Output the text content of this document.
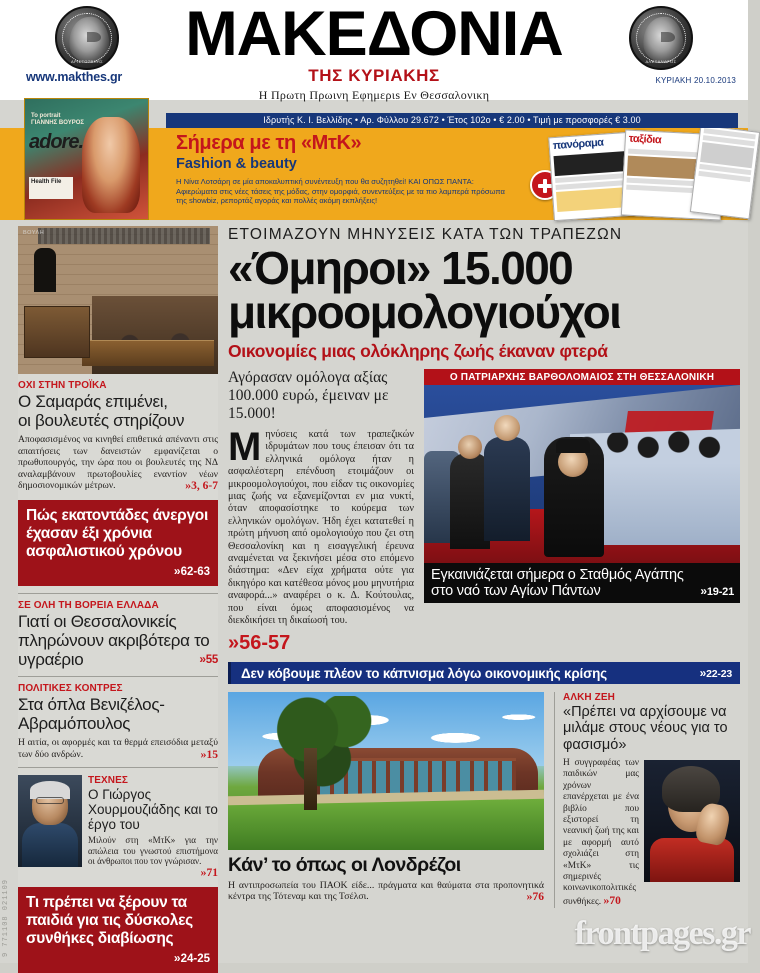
ΑΡΙΣΤΟΤΕΛΗΣ	ΑΛΕΞΑΝΔΡΟΣ
ΜΑΚΕΔΟΝΙΑ
ΤΗΣ ΚΥΡΙΑΚΗΣ
Η Πρωτη Πρωινη Εφημεριs Εν Θεσσαλονικη
www.makthes.gr	ΚΥΡΙΑΚΗ 20.10.2013
Ιδρυτής Κ. Ι. Βελλίδης • Αρ. Φύλλου 29.672 • Έτος 102ο • € 2.00 • Τιμή με προσφορές € 3.00
Το portrait ΓΙΑΝΝΗΣ ΒΟΥΡΟΣ
adore.
Health File
Σήμερα με τη «ΜτΚ»
Fashion & beauty
Η Νίνα Λοτσάρη σε μία αποκαλυπτική συνέντευξη που θα συζητηθεί! ΚΑΙ ΟΠΩΣ ΠΑΝΤΑ: Αφιερώματα στις νέες τάσεις της μόδας, στην ομορφιά, συνεντεύξεις με τα πιο λαμπερά πρόσωπα της showbiz, ρεπορτάζ αγοράς και πολλές ακόμη εκπλήξεις!
πανόραμα	ταξίδια
ΒΟΥΛΗ
ΟΧΙ ΣΤΗΝ ΤΡΟΪΚΑ
Ο Σαμαράς επιμένει,
οι βουλευτές στηρίζουν
Αποφασισμένος να κινηθεί επιθετικά απέναντι στις απαιτήσεις των δανειστών εμφανίζεται ο πρωθυπουργός, την ώρα που οι βουλευτές της ΝΔ αναλαμβάνουν πρωτοβουλίες εναντίον νέων δημοσιονομικών μέτρων.	»3, 6-7
Πώς εκατοντάδες άνεργοι έχασαν έξι χρόνια ασφαλιστικού χρόνου
»62-63
ΣΕ ΟΛΗ ΤΗ ΒΟΡΕΙΑ ΕΛΛΑΔΑ
Γιατί οι Θεσσαλονικείς πληρώνουν ακριβότερα το υγραέριο	»55
ΠΟΛΙΤΙΚΕΣ ΚΟΝΤΡΕΣ
Στα όπλα Βενιζέλος-
Αβραμόπουλος
Η αιτία, οι αφορμές και τα θερμά επεισόδια μεταξύ των δύο ανδρών.	»15
ΤΕΧΝΕΣ
Ο Γιώργος Χουρμουζιάδης και το έργο του
Μιλούν στη «ΜτΚ» για την απώλεια του γνωστού επιστήμονα οι άνθρωποι που τον γνώρισαν.
»71
Τι πρέπει να ξέρουν τα παιδιά για τις δύσκολες συνθήκες διαβίωσης
»24-25
ΕΤΟΙΜΑΖΟΥΝ ΜΗΝΥΣΕΙΣ ΚΑΤΑ ΤΩΝ ΤΡΑΠΕΖΩΝ
«Όμηροι» 15.000
μικροομολογιούχοι
Οικονομίες μιας ολόκληρης ζωής έκαναν φτερά
Αγόρασαν ομόλογα αξίας 100.000 ευρώ, έμειναν με 15.000!
Μηνύσεις κατά των τραπεζικών ιδρυμάτων που τους έπεισαν ότι τα ελληνικά ομόλογα ήταν η ασφαλέστερη επένδυση ετοιμάζουν οι μικροομολογιούχοι, που είδαν τις οικονομίες μιας ζωής να εξανεμίζονται εν μια νυκτί, όταν αποφασίστηκε το κούρεμα των ελληνικών ομολόγων. Ήδη έχει κατατεθεί η πρώτη μήνυση από ομολογιούχο που ζει στη Θεσσαλονίκη και η εισαγγελική έρευνα αναμένεται να ξεκινήσει μέσα στο επόμενο διάστημα: «Δεν είχα χρήματα ούτε για δικηγόρο και κατέθεσα μόνος μου μηνυτήρια αναφορά...» αναφέρει ο κ. Δ. Κούτουλας, που είναι όμως αποφασισμένος να διεκδικήσει τη δικαίωσή του.
»56-57
Ο ΠΑΤΡΙΑΡΧΗΣ ΒΑΡΘΟΛΟΜΑΙΟΣ ΣΤΗ ΘΕΣΣΑΛΟΝΙΚΗ
Εγκαινιάζεται σήμερα ο Σταθμός Αγάπης
στο ναό των Αγίων Πάντων	»19-21
Δεν κόβουμε πλέον το κάπνισμα λόγω οικονομικής κρίσης	»22-23
Κάν’ το όπως οι Λονδρέζοι
Η αντιπροσωπεία του ΠΑΟΚ είδε... πράγματα και θαύματα στα προπονητικά κέντρα της Τότεναμ και της Τσέλσι.	»76
ΑΛΚΗ ΖΕΗ
«Πρέπει να αρχίσουμε να μιλάμε στους νέους για το φασισμό»
Η συγγραφέας των παιδικών μας χρόνων επανέρχεται με ένα βιβλίο που εξιστορεί τη νεανική ζωή της και με αφορμή αυτό σχολιάζει στη «ΜτΚ» τις σημερινές κοινωνικοπολιτικές συνθήκες. »70
9 771108 021109	frontpages.gr
